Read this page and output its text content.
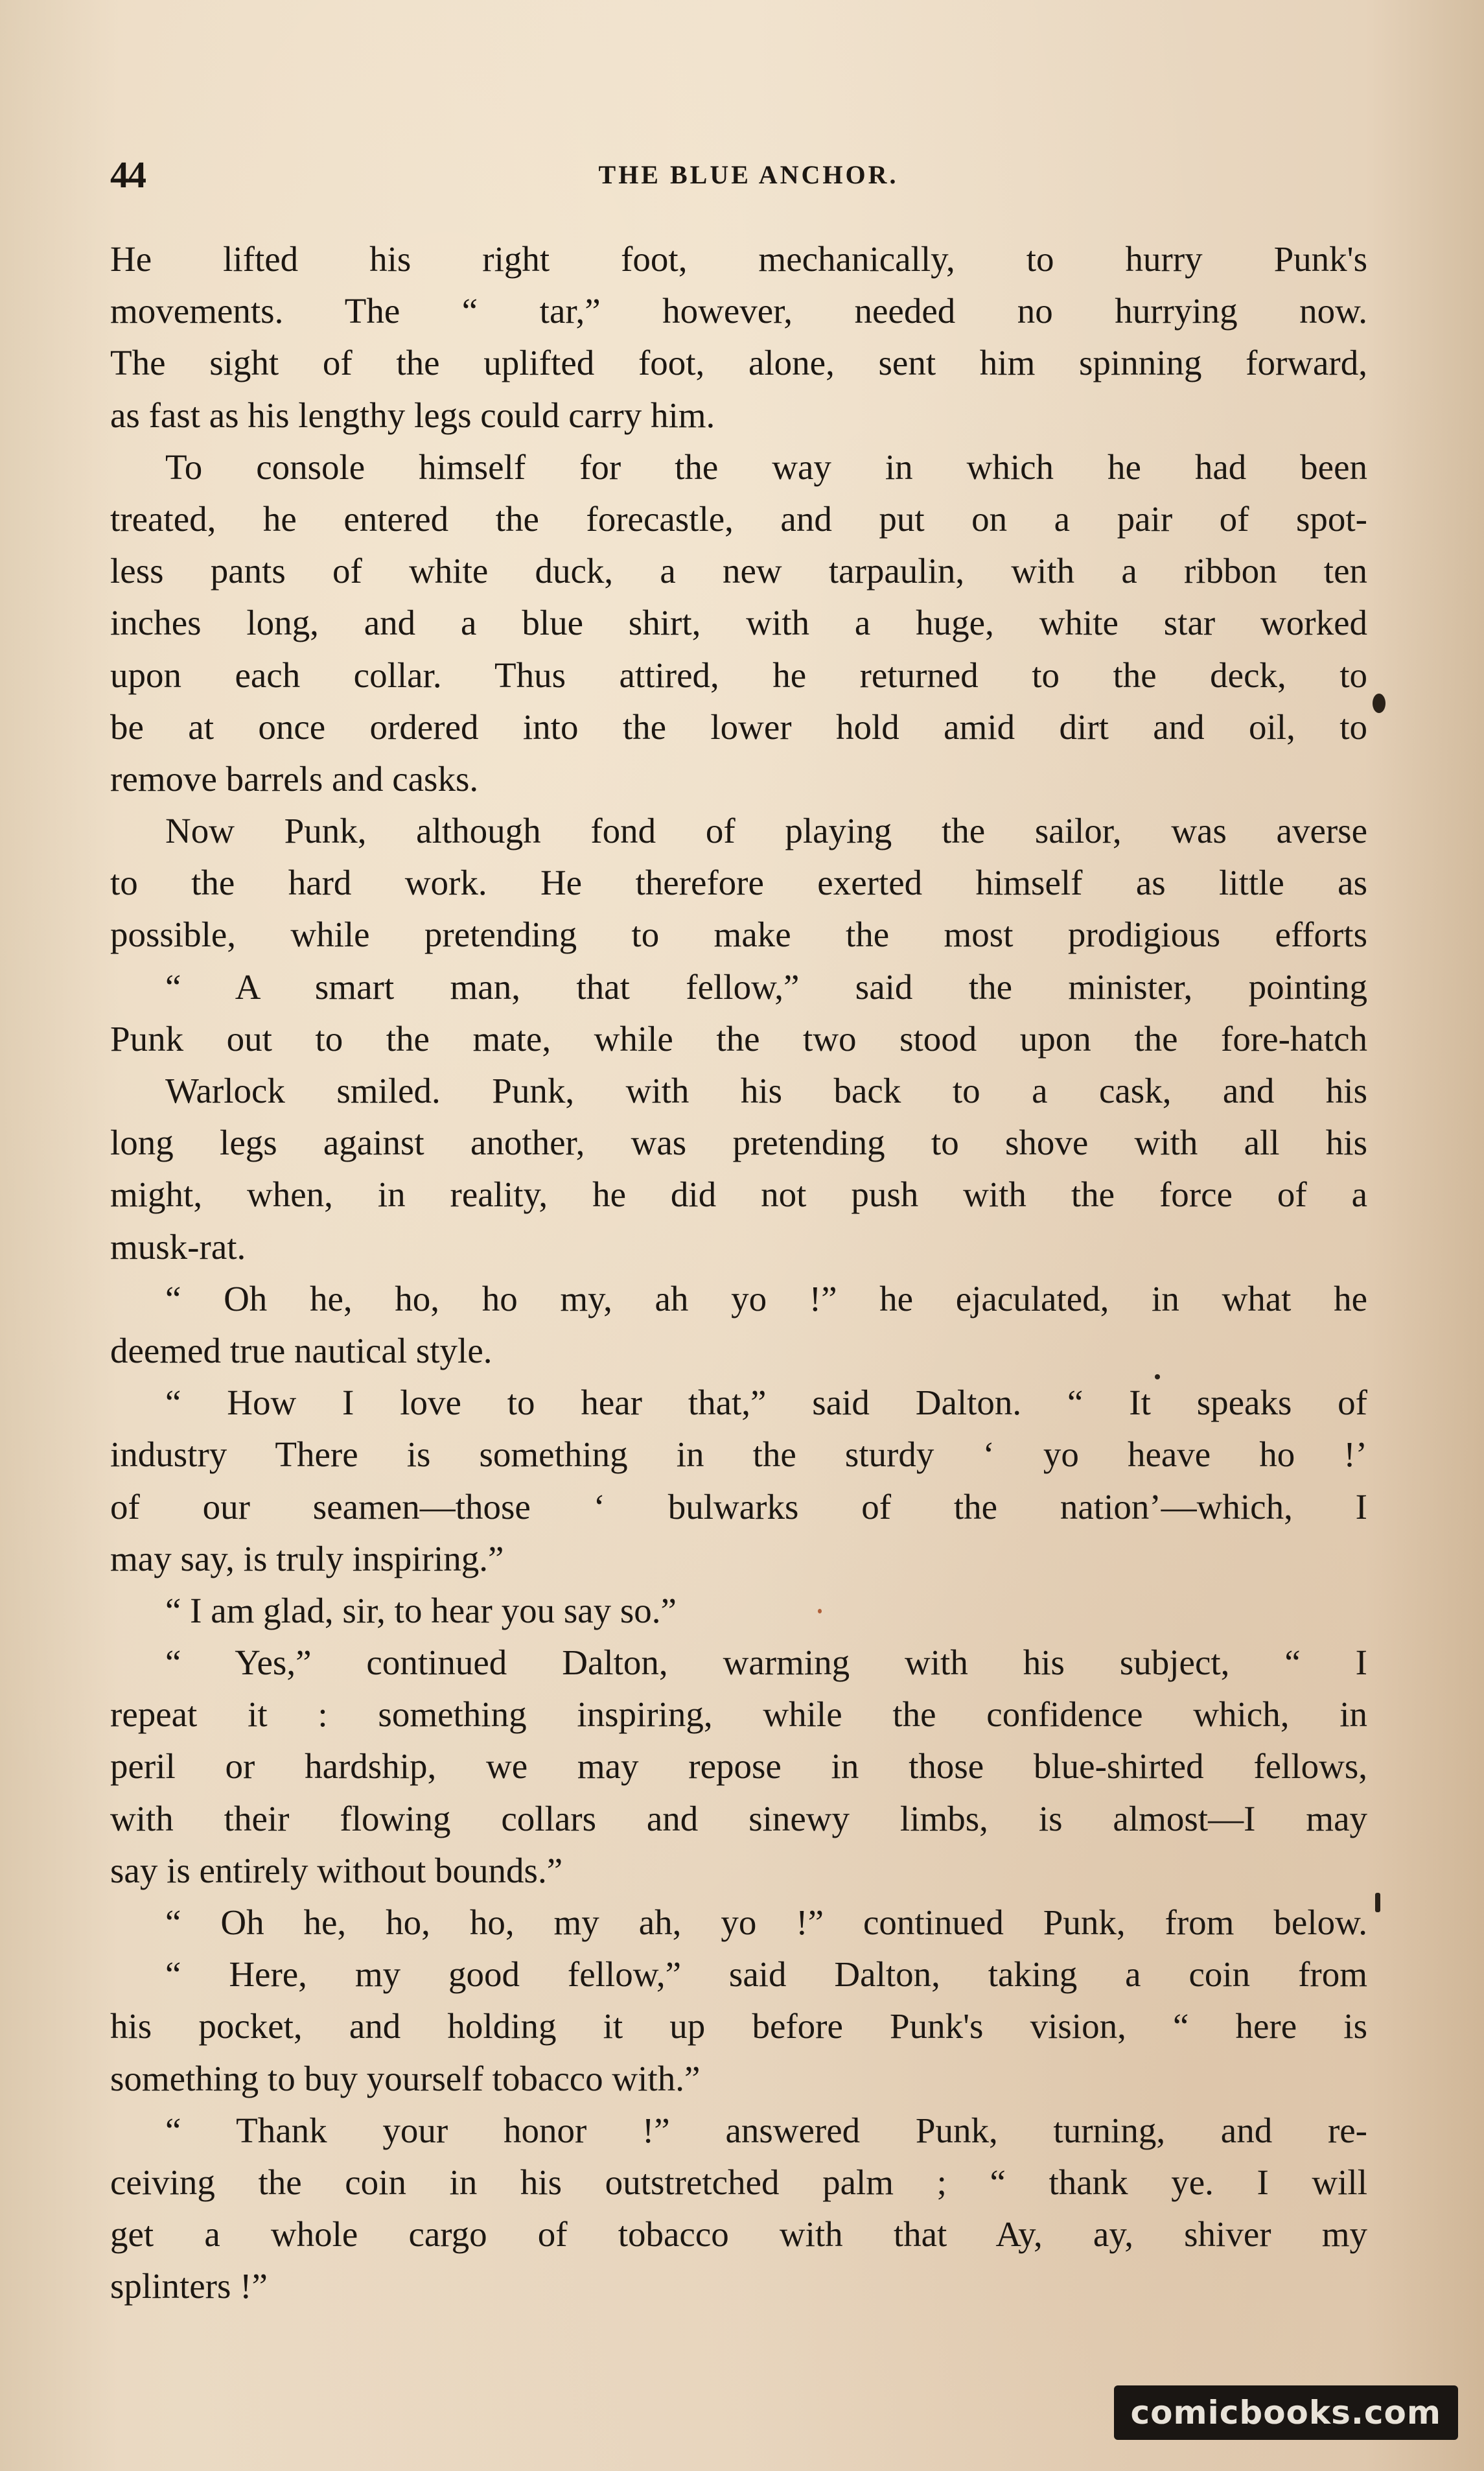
44	THE BLUE ANCHOR.
He lifted his right foot, mechanically, to hurry Punk's
movements. The “ tar,” however, needed no hurrying now.
The sight of the uplifted foot, alone, sent him spinning forward,
as fast as his lengthy legs could carry him.
To console himself for the way in which he had been
treated, he entered the forecastle, and put on a pair of spot-
less pants of white duck, a new tarpaulin, with a ribbon ten
inches long, and a blue shirt, with a huge, white star worked
upon each collar. Thus attired, he returned to the deck, to
be at once ordered into the lower hold amid dirt and oil, to
remove barrels and casks.
Now Punk, although fond of playing the sailor, was averse
to the hard work. He therefore exerted himself as little as
possible, while pretending to make the most prodigious efforts
“ A smart man, that fellow,” said the minister, pointing
Punk out to the mate, while the two stood upon the fore-hatch
Warlock smiled. Punk, with his back to a cask, and his
long legs against another, was pretending to shove with all his
might, when, in reality, he did not push with the force of a
musk-rat.
“ Oh he, ho, ho my, ah yo !” he ejaculated, in what he
deemed true nautical style.
“ How I love to hear that,” said Dalton. “ It speaks of
industry There is something in the sturdy ‘ yo heave ho !’
of our seamen—those ‘ bulwarks of the nation’—which, I
may say, is truly inspiring.”
“ I am glad, sir, to hear you say so.”
“ Yes,” continued Dalton, warming with his subject, “ I
repeat it : something inspiring, while the confidence which, in
peril or hardship, we may repose in those blue-shirted fellows,
with their flowing collars and sinewy limbs, is almost—I may
say is entirely without bounds.”
“ Oh he, ho, ho, my ah, yo !” continued Punk, from below.
“ Here, my good fellow,” said Dalton, taking a coin from
his pocket, and holding it up before Punk's vision, “ here is
something to buy yourself tobacco with.”
“ Thank your honor !” answered Punk, turning, and re-
ceiving the coin in his outstretched palm ; “ thank ye. I will
get a whole cargo of tobacco with that Ay, ay, shiver my
splinters !”
comicbooks.com
